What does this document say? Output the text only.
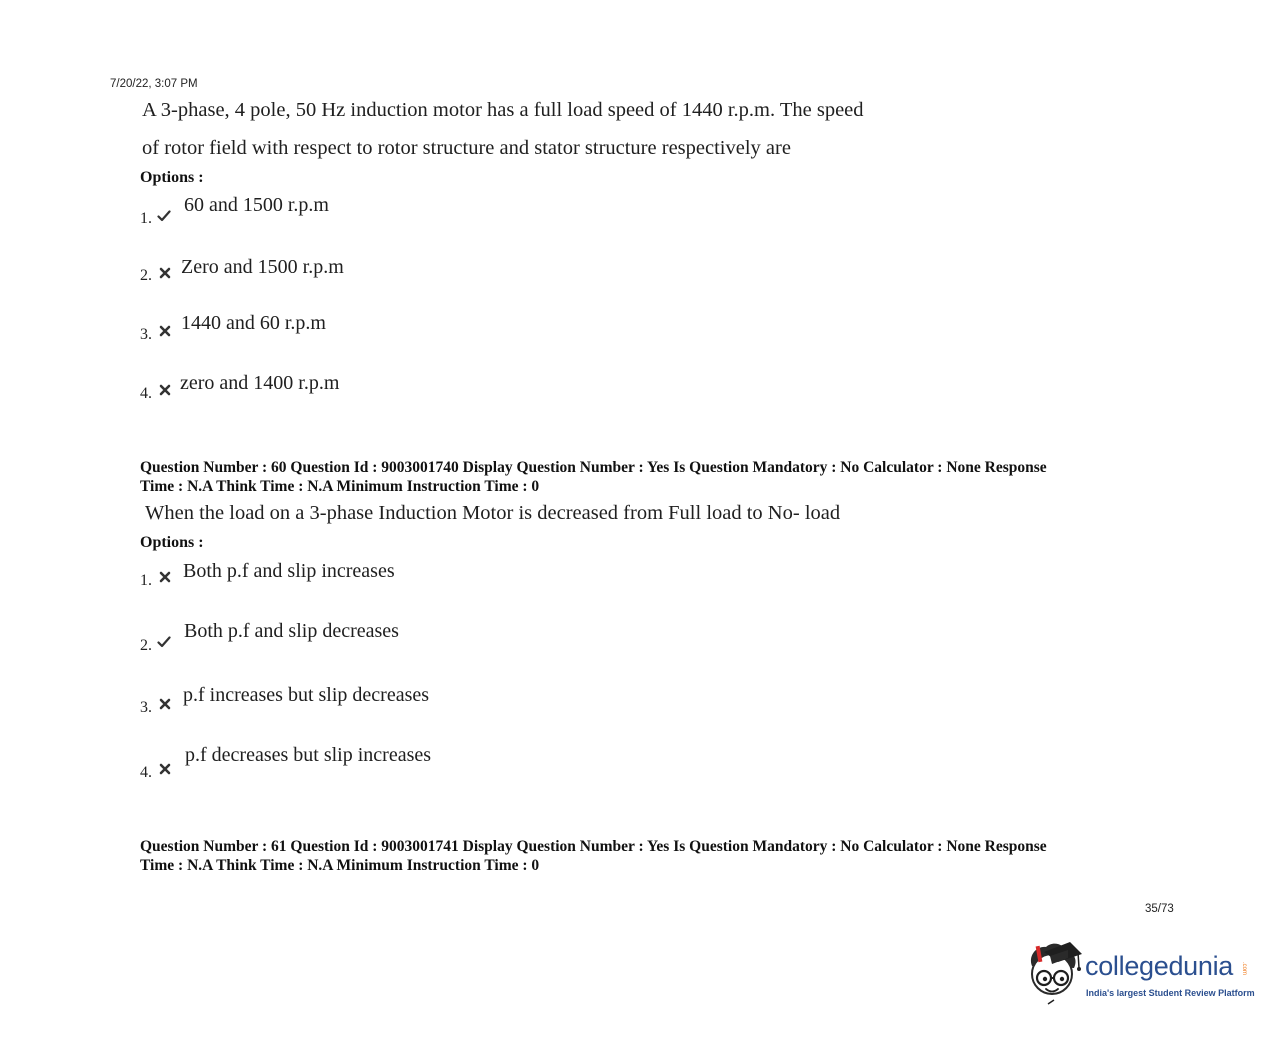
7/20/22, 3:07 PM
A 3-phase, 4 pole, 50 Hz induction motor has a full load speed of 1440 r.p.m. The speed
of rotor field with respect to rotor structure and stator structure respectively are
Options :
1.
60 and 1500 r.p.m
2. Zero and 1500 r.p.m
3.
1440 and 60 r.p.m
4. zero and 1400 r.p.m
Question Number : 60 Question Id : 9003001740 Display Question Number : Yes Is Question Mandatory : No Calculator : None Response
Time : N.A Think Time : N.A Minimum Instruction Time : 0
When the load on a 3-phase Induction Motor is decreased from Full load to No- load
Options :
1. Both p.f and slip increases
2.
Both p.f and slip decreases
3.
p.f increases but slip decreases
4.
p.f decreases but slip increases
Question Number : 61 Question Id : 9003001741 Display Question Number : Yes Is Question Mandatory : No Calculator : None Response
Time : N.A Think Time : N.A Minimum Instruction Time : 0
35/73
collegedunia .com
India's largest Student Review Platform
